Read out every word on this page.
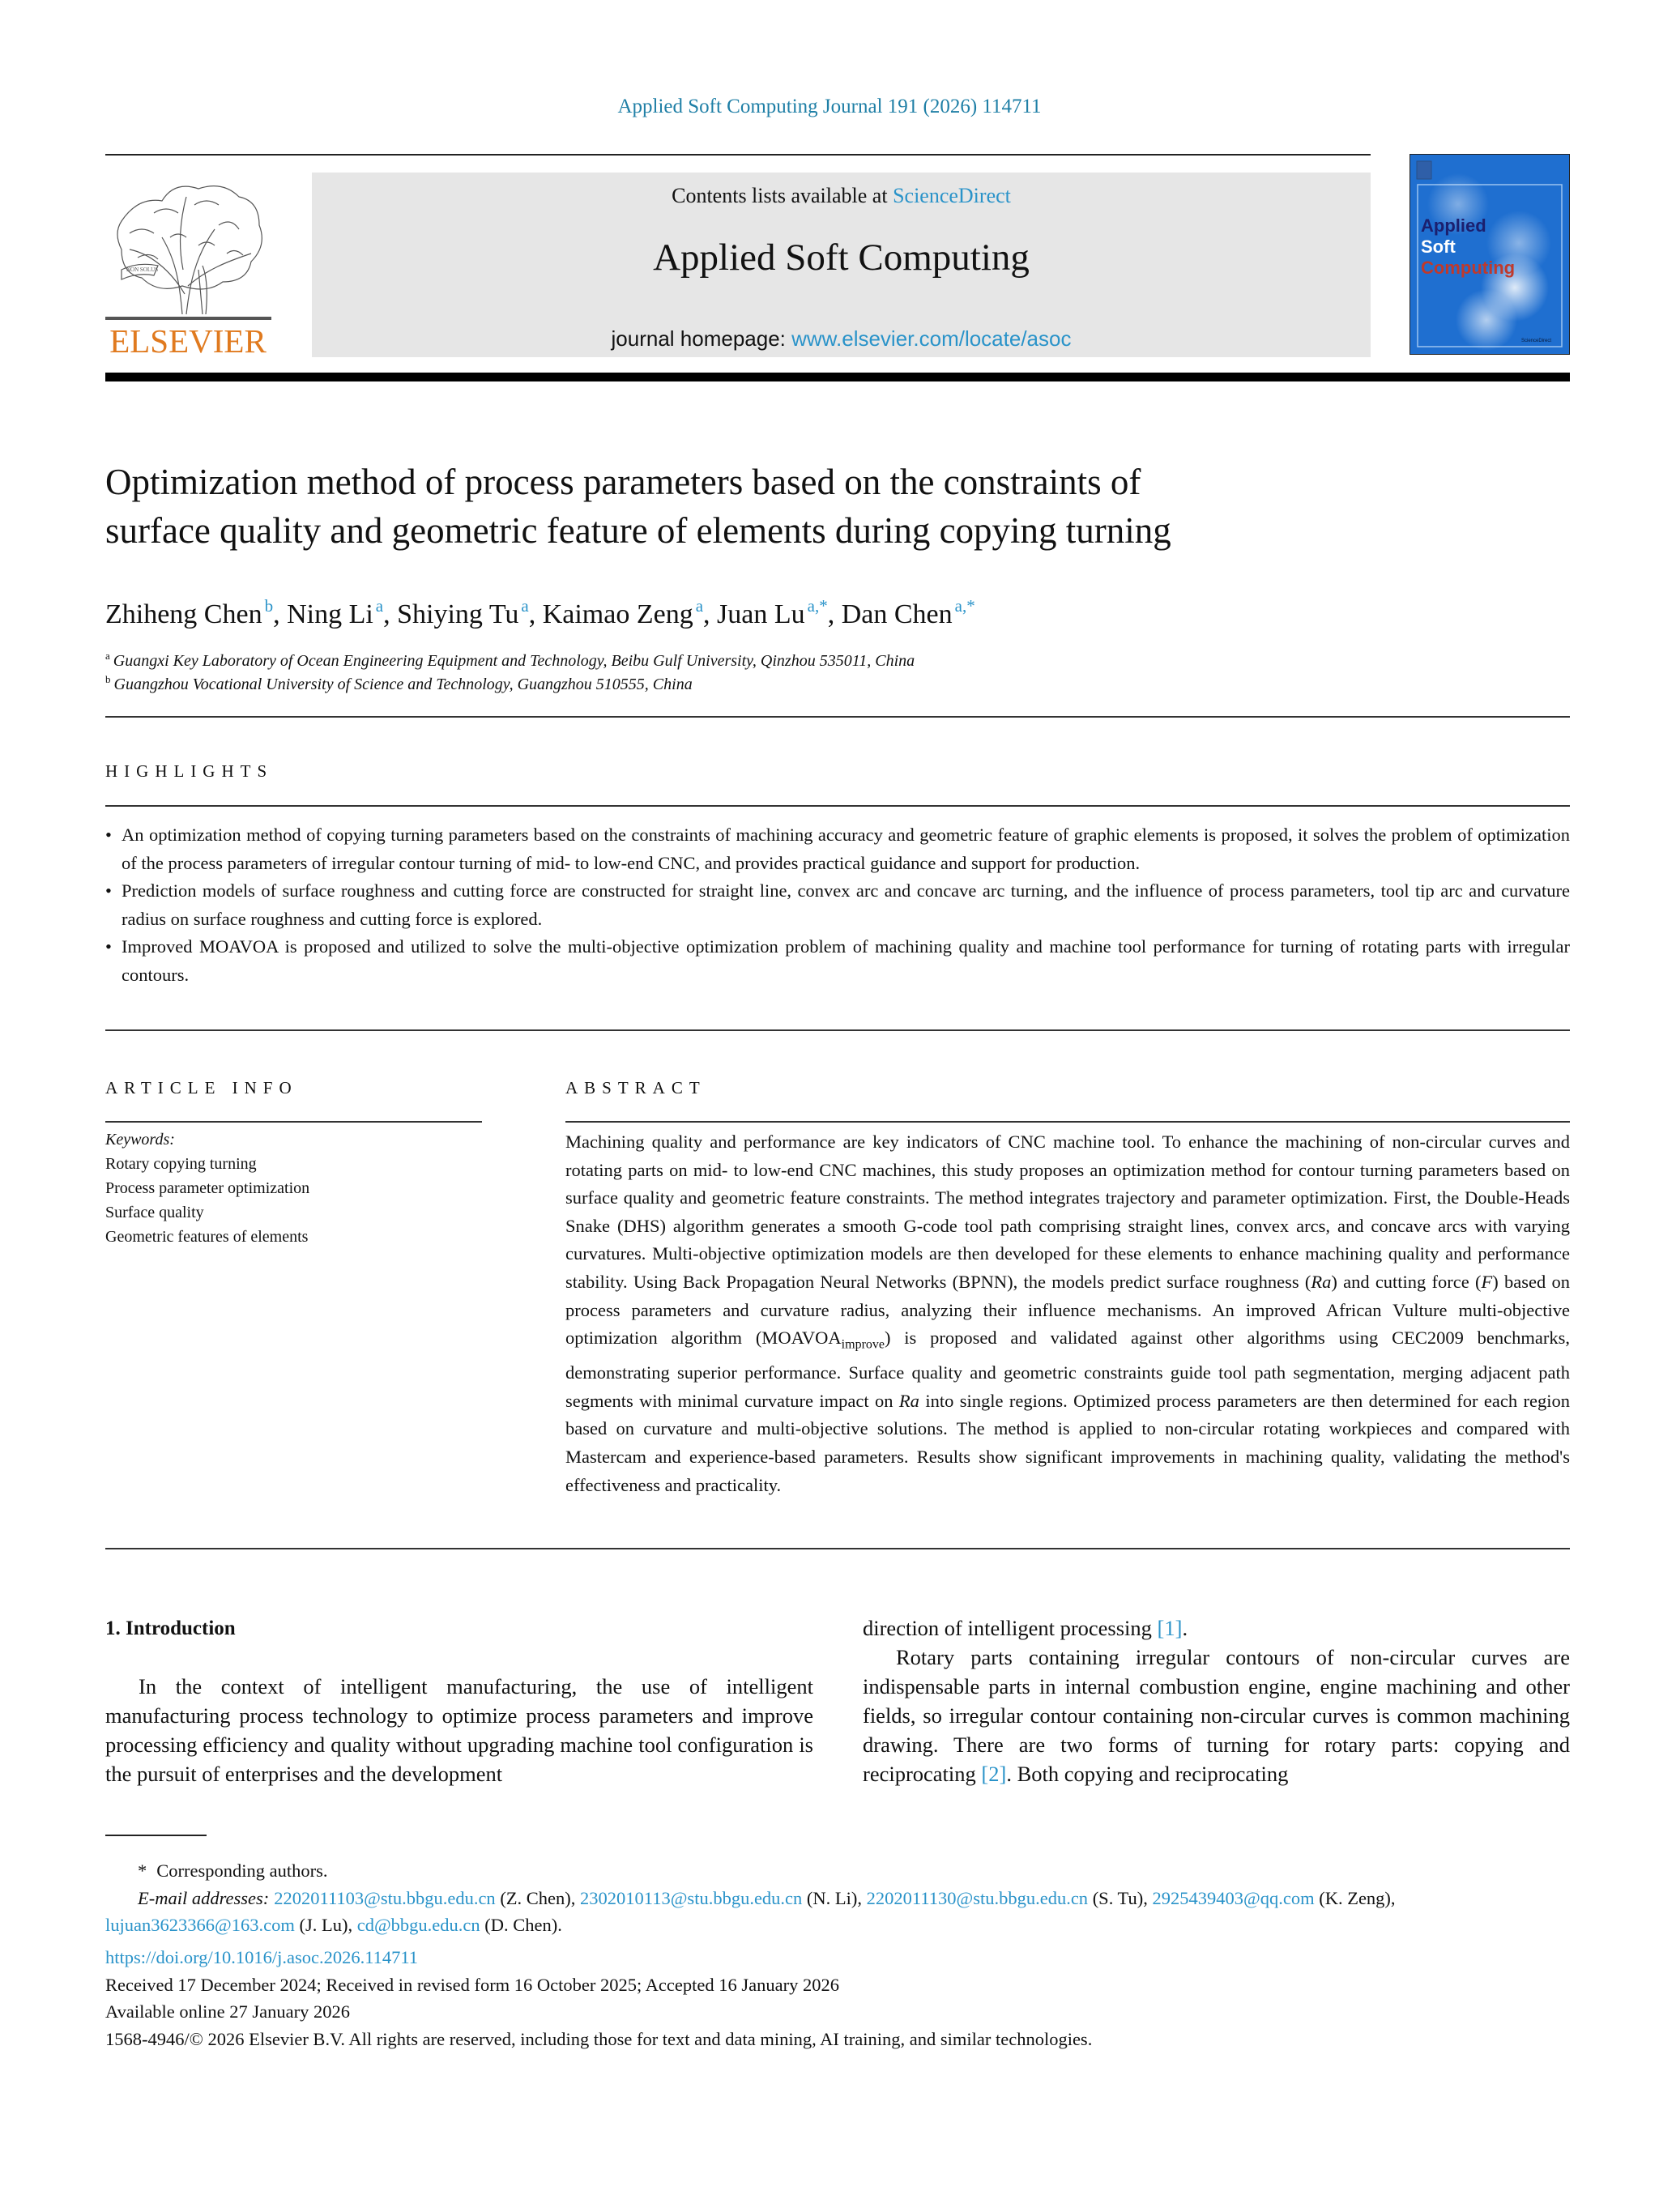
Applied Soft Computing Journal 191 (2026) 114711
NON SOLUS
ELSEVIER
Contents lists available at ScienceDirect
Applied Soft Computing
journal homepage: www.elsevier.com/locate/asoc
Applied
Soft
Computing
ScienceDirect
Optimization method of process parameters based on the constraints of
surface quality and geometric feature of elements during copying turning
Zhiheng Chen $^b$, Ning Li $^a$, Shiying Tu $^a$, Kaimao Zeng $^a$, Juan Lu $^{a,*}$, Dan Chen $^{a,*}$
$^a$ Guangxi Key Laboratory of Ocean Engineering Equipment and Technology, Beibu Gulf University, Qinzhou 535011, China
$^b$ Guangzhou Vocational University of Science and Technology, Guangzhou 510555, China
HIGHLIGHTS
• An optimization method of copying turning parameters based on the constraints of machining accuracy and geometric feature of graphic elements is proposed, it solves the problem of optimization of the process parameters of irregular contour turning of mid- to low-end CNC, and provides practical guidance and support for production.
• Prediction models of surface roughness and cutting force are constructed for straight line, convex arc and concave arc turning, and the influence of process parameters, tool tip arc and curvature radius on surface roughness and cutting force is explored.
• Improved MOAVOA is proposed and utilized to solve the multi-objective optimization problem of machining quality and machine tool performance for turning of rotating parts with irregular contours.
ARTICLE INFO
Keywords:
Rotary copying turning
Process parameter optimization
Surface quality
Geometric features of elements
ABSTRACT
Machining quality and performance are key indicators of CNC machine tool. To enhance the machining of non-circular curves and rotating parts on mid- to low-end CNC machines, this study proposes an optimization method for contour turning parameters based on surface quality and geometric feature constraints. The method integrates trajectory and parameter optimization. First, the Double-Heads Snake (DHS) algorithm generates a smooth G-code tool path comprising straight lines, convex arcs, and concave arcs with varying curvatures. Multi-objective optimization models are then developed for these elements to enhance machining quality and performance stability. Using Back Propagation Neural Networks (BPNN), the models predict surface roughness (Ra) and cutting force (F) based on process parameters and curvature radius, analyzing their influence mechanisms. An improved African Vulture multi-objective optimization algorithm $(MOAVOA_{improve})$ is proposed and validated against other algorithms using CEC2009 benchmarks, demonstrating superior performance. Surface quality and geometric constraints guide tool path segmentation, merging adjacent path segments with minimal curvature impact on Ra into single regions. Optimized process parameters are then determined for each region based on curvature and multi-objective solutions. The method is applied to non-circular rotating workpieces and compared with Mastercam and experience-based parameters. Results show significant improvements in machining quality, validating the method's effectiveness and practicality.
1. Introduction
In the context of intelligent manufacturing, the use of intelligent manufacturing process technology to optimize process parameters and improve processing efficiency and quality without upgrading machine tool configuration is the pursuit of enterprises and the development
direction of intelligent processing [1].
Rotary parts containing irregular contours of non-circular curves are indispensable parts in internal combustion engine, engine machining and other fields, so irregular contour containing non-circular curves is common machining drawing. There are two forms of turning for rotary parts: copying and reciprocating [2]. Both copying and reciprocating
* Corresponding authors.
E-mail addresses: 2202011103@stu.bbgu.edu.cn (Z. Chen), 2302010113@stu.bbgu.edu.cn (N. Li), 2202011130@stu.bbgu.edu.cn (S. Tu), 2925439403@qq.com (K. Zeng), lujuan3623366@163.com (J. Lu), cd@bbgu.edu.cn (D. Chen).
https://doi.org/10.1016/j.asoc.2026.114711
Received 17 December 2024; Received in revised form 16 October 2025; Accepted 16 January 2026
Available online 27 January 2026
1568-4946/© 2026 Elsevier B.V. All rights are reserved, including those for text and data mining, AI training, and similar technologies.
